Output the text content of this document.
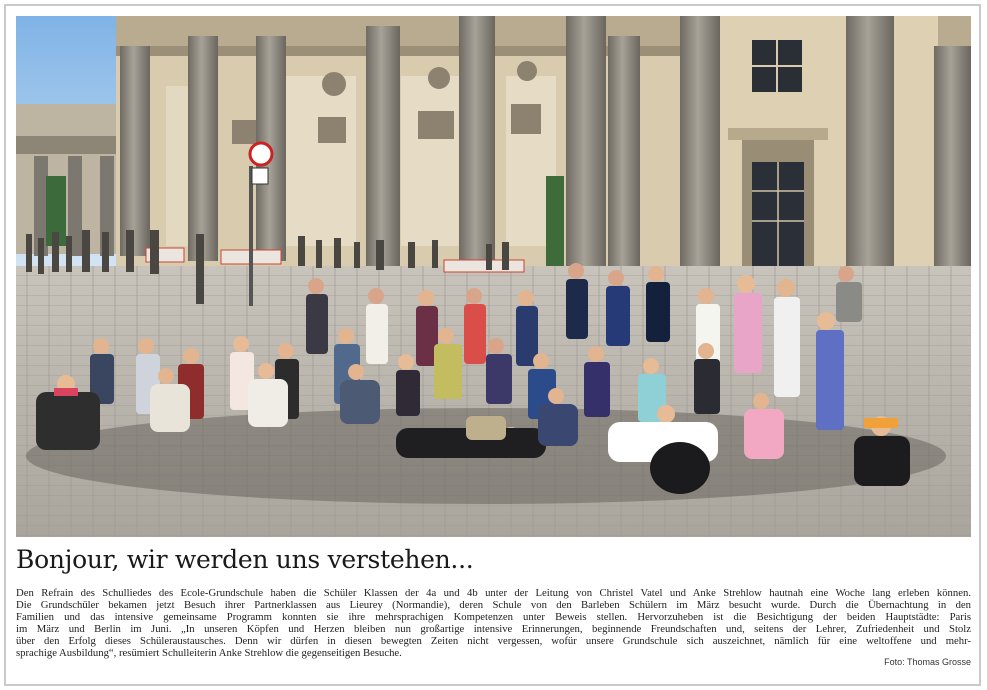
Bonjour, wir werden uns verstehen...

Den Refrain des Schulliedes des Ecole-Grundschule haben die Schüler Klassen der 4a und 4b unter der Leitung von Christel Vatel und Anke Strehlow hautnah eine Woche lang erleben können.
Die Grundschüler bekamen jetzt Besuch ihrer Partnerklassen aus Lieurey (Normandie), deren Schule von den Barleben Schülern im März besucht wurde. Durch die Übernachtung in den
Familien und das intensive gemeinsame Programm konnten sie ihre mehrsprachigen Kompetenzen unter Beweis stellen. Hervorzuheben ist die Besichtigung der beiden Hauptstädte: Paris
im März und Berlin im Juni. „In unseren Köpfen und Herzen bleiben nun großartige intensive Erinnerungen, beginnende Freundschaften und, seitens der Lehrer, Zufriedenheit und Stolz
über den Erfolg dieses Schüleraustausches. Denn wir dürfen in diesen bewegten Zeiten nicht vergessen, wofür unsere Grundschule sich auszeichnet, nämlich für eine weltoffene und mehr-
sprachige Ausbildung“, resümiert Schulleiterin Anke Strehlow die gegenseitigen Besuche.

Foto: Thomas Grosse
